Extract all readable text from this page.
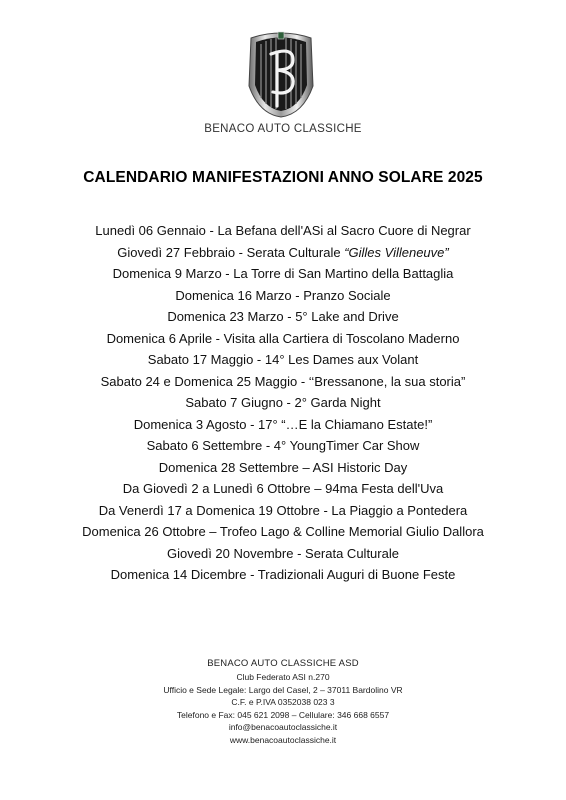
BENACO AUTO CLASSICHE
CALENDARIO MANIFESTAZIONI ANNO SOLARE 2025
Lunedì 06 Gennaio - La Befana dell'ASi al Sacro Cuore di Negrar
Giovedì 27 Febbraio - Serata Culturale “Gilles Villeneuve”
Domenica 9 Marzo - La Torre di San Martino della Battaglia
Domenica 16 Marzo - Pranzo Sociale
Domenica 23 Marzo - 5° Lake and Drive
Domenica 6 Aprile - Visita alla Cartiera di Toscolano Maderno
Sabato 17 Maggio - 14° Les Dames aux Volant
Sabato 24 e Domenica 25 Maggio - ‘‘Bressanone, la sua storia”
Sabato 7 Giugno - 2° Garda Night
Domenica 3 Agosto - 17° “…E la Chiamano Estate!”
Sabato 6 Settembre - 4° YoungTimer Car Show
Domenica 28 Settembre – ASI Historic Day
Da Giovedì 2 a Lunedì 6 Ottobre – 94ma Festa dell'Uva
Da Venerdì 17 a Domenica 19 Ottobre - La Piaggio a Pontedera
Domenica 26 Ottobre – Trofeo Lago & Colline Memorial Giulio Dallora
Giovedì 20 Novembre - Serata Culturale
Domenica 14 Dicembre - Tradizionali Auguri di Buone Feste
BENACO AUTO CLASSICHE ASD
Club Federato ASI n.270
Ufficio e Sede Legale: Largo del Casel, 2 – 37011 Bardolino VR
C.F. e P.IVA 0352038 023 3
Telefono e Fax: 045 621 2098 – Cellulare: 346 668 6557
info@benacoautoclassiche.it
www.benacoautoclassiche.it
